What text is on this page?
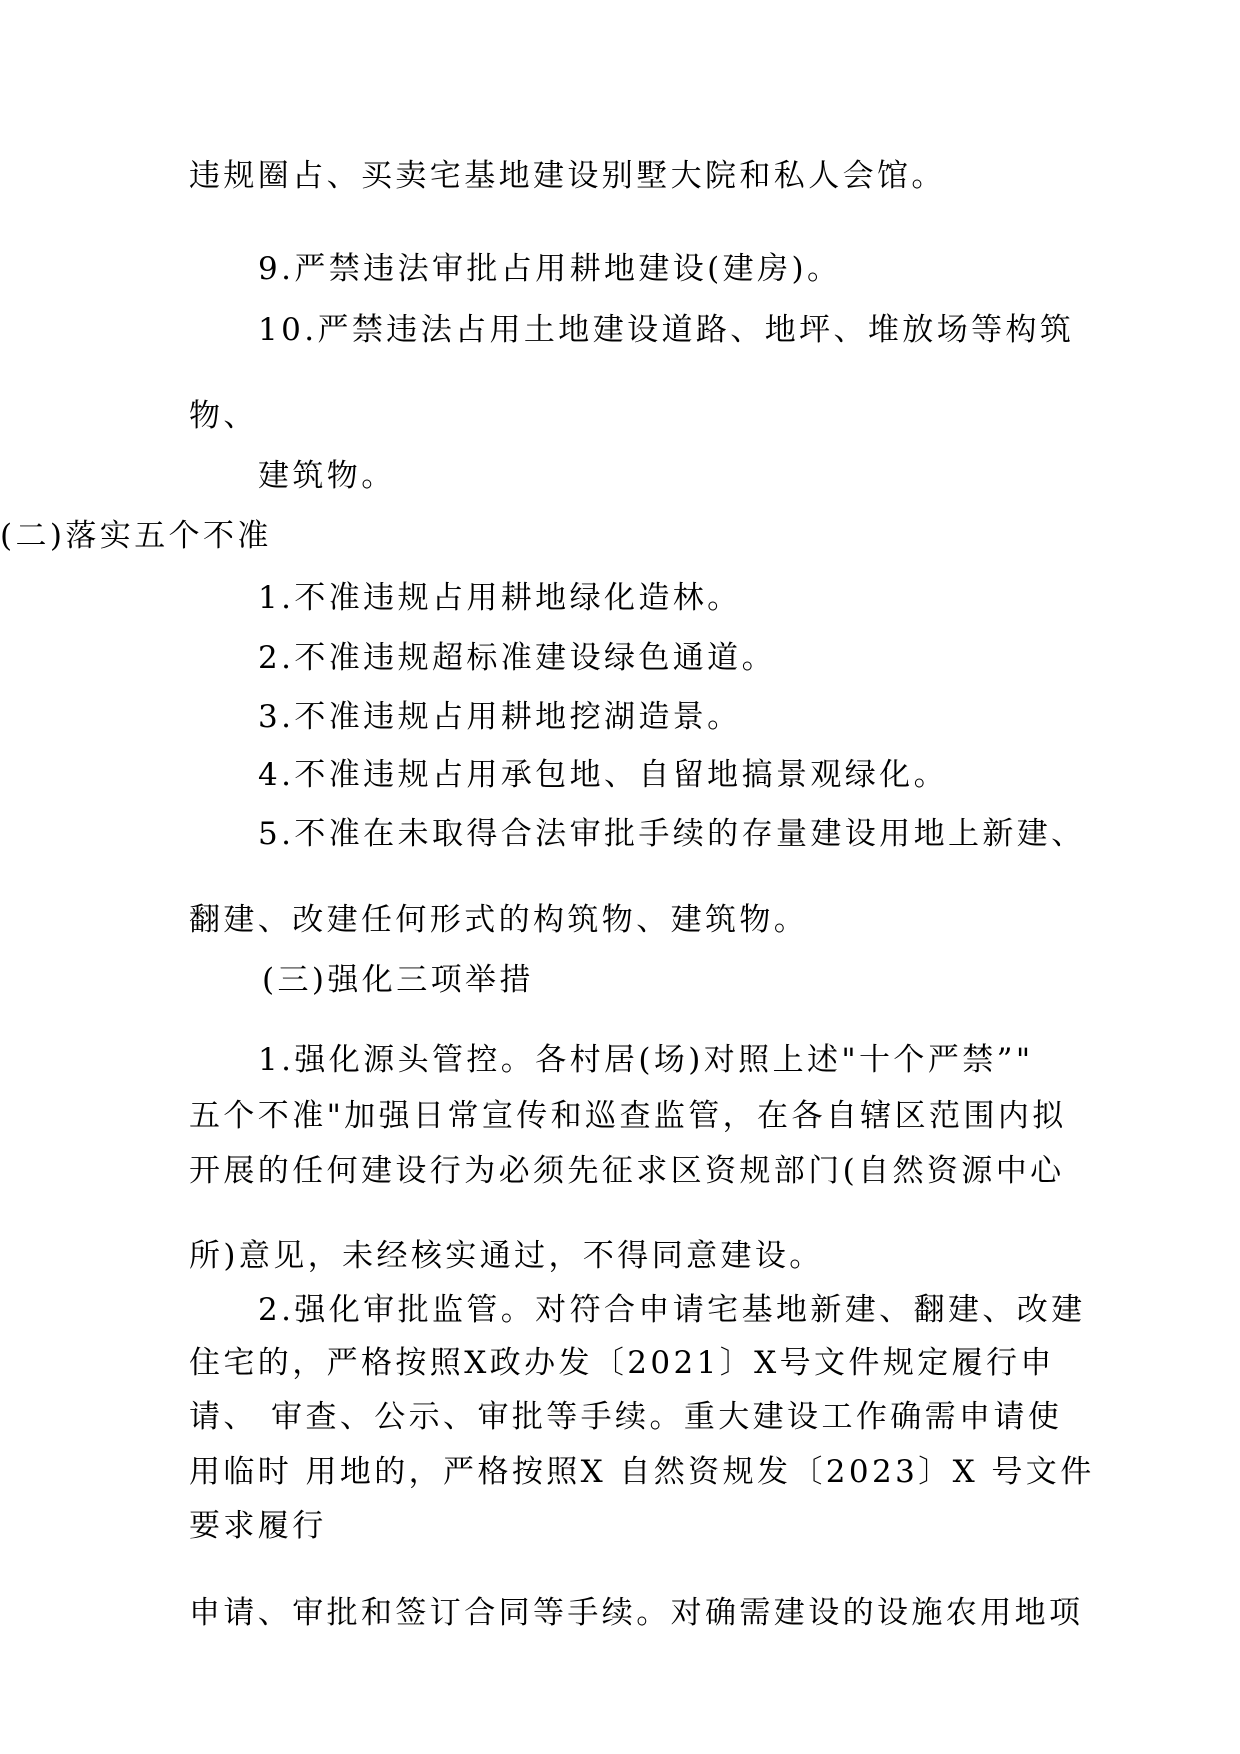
违规圈占、买卖宅基地建设别墅大院和私人会馆。
9.严禁违法审批占用耕地建设(建房)。
10.严禁违法占用土地建设道路、地坪、堆放场等构筑
物、
建筑物。
(二)落实五个不准
1.不准违规占用耕地绿化造林。
2.不准违规超标准建设绿色通道。
3.不准违规占用耕地挖湖造景。
4.不准违规占用承包地、自留地搞景观绿化。
5.不准在未取得合法审批手续的存量建设用地上新建、
翻建、改建任何形式的构筑物、建筑物。
(三)强化三项举措
1.强化源头管控。各村居(场)对照上述"十个严禁”"
五个不准"加强日常宣传和巡查监管，在各自辖区范围内拟
开展的任何建设行为必须先征求区资规部门(自然资源中心
所)意见，未经核实通过，不得同意建设。
2.强化审批监管。对符合申请宅基地新建、翻建、改建
住宅的，严格按照X政办发〔2021〕X号文件规定履行申
请、 审查、公示、审批等手续。重大建设工作确需申请使
用临时 用地的，严格按照X 自然资规发〔2023〕X 号文件
要求履行
申请、审批和签订合同等手续。对确需建设的设施农用地项
